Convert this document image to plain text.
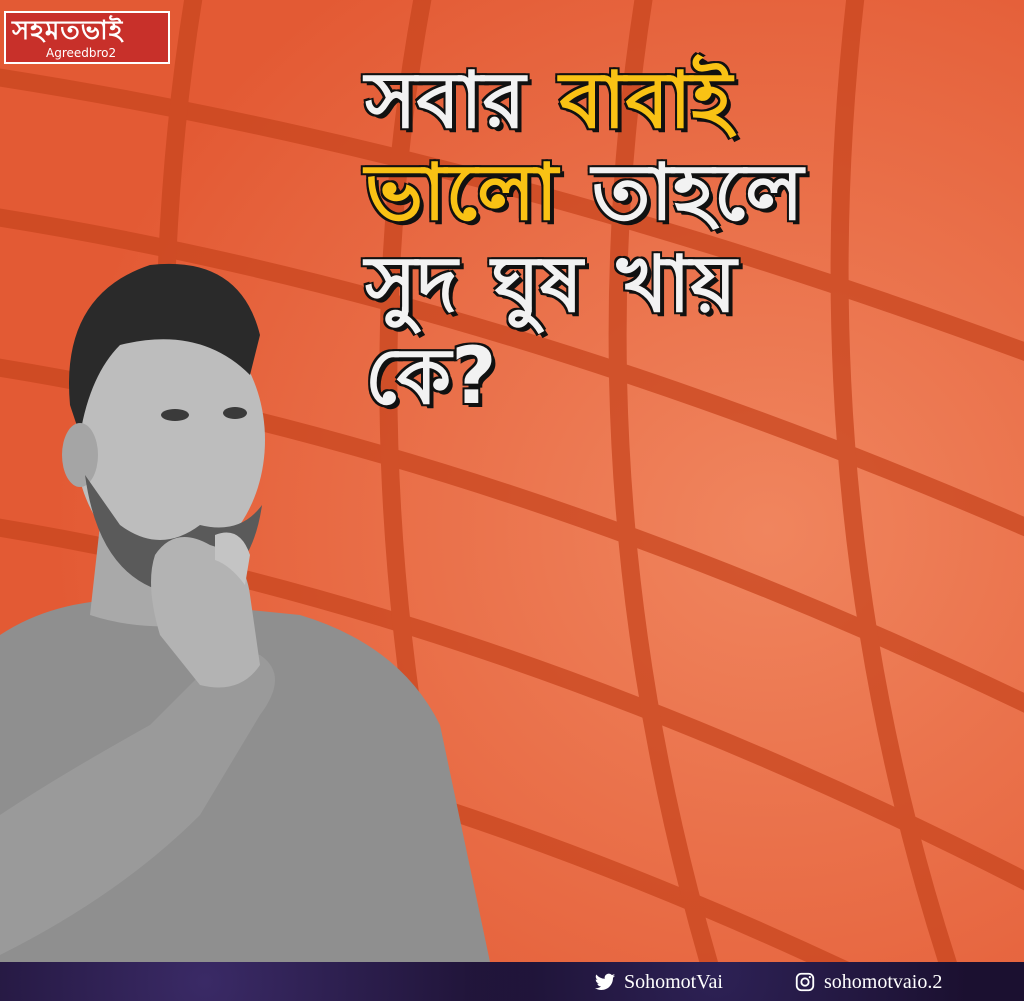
সহমতভাই
Agreedbro2
সবার বাবাই
ভালো তাহলে
সুদ ঘুষ খায়
কে?
SohomotVai	sohomotvaio.2
